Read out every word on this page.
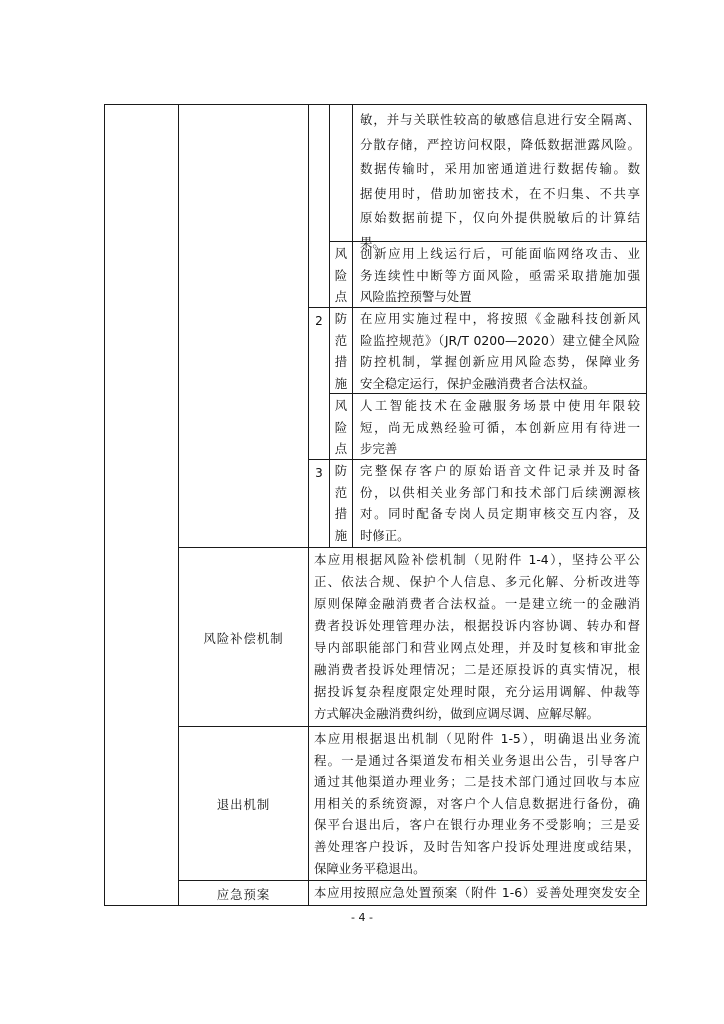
敏，并与关联性较高的敏感信息进行安全隔离、
分散存储，严控访问权限，降低数据泄露风险。
数据传输时，采用加密通道进行数据传输。数
据使用时，借助加密技术，在不归集、不共享
原始数据前提下，仅向外提供脱敏后的计算结
果。
风
险
点
创新应用上线运行后，可能面临网络攻击、业
务连续性中断等方面风险，亟需采取措施加强
风险监控预警与处置
2 防
范
措
施
在应用实施过程中，将按照《金融科技创新风
险监控规范》（JR/T 0200—2020）建立健全风险
防控机制，掌握创新应用风险态势，保障业务
安全稳定运行，保护金融消费者合法权益。
风
险
点
人工智能技术在金融服务场景中使用年限较
短，尚无成熟经验可循，本创新应用有待进一
步完善
3 防
范
措
施
完整保存客户的原始语音文件记录并及时备
份，以供相关业务部门和技术部门后续溯源核
对。同时配备专岗人员定期审核交互内容，及
时修正。
风险补偿机制
本应用根据风险补偿机制（见附件 1-4），坚持公平公
正、依法合规、保护个人信息、多元化解、分析改进等
原则保障金融消费者合法权益。一是建立统一的金融消
费者投诉处理管理办法，根据投诉内容协调、转办和督
导内部职能部门和营业网点处理，并及时复核和审批金
融消费者投诉处理情况；二是还原投诉的真实情况，根
据投诉复杂程度限定处理时限，充分运用调解、仲裁等
方式解决金融消费纠纷，做到应调尽调、应解尽解。
退出机制
本应用根据退出机制（见附件 1-5），明确退出业务流
程。一是通过各渠道发布相关业务退出公告，引导客户
通过其他渠道办理业务；二是技术部门通过回收与本应
用相关的系统资源，对客户个人信息数据进行备份，确
保平台退出后，客户在银行办理业务不受影响；三是妥
善处理客户投诉，及时告知客户投诉处理进度或结果，
保障业务平稳退出。
应急预案	本应用按照应急处置预案（附件 1-6）妥善处理突发安全
- 4 -
